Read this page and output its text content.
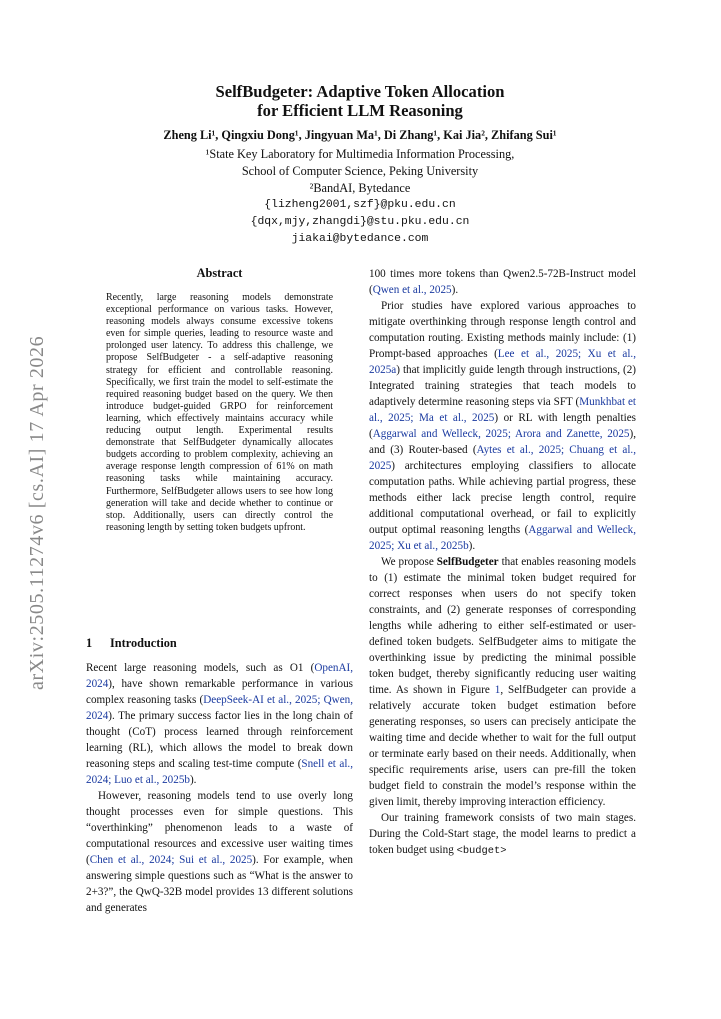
arXiv:2505.11274v6 [cs.AI] 17 Apr 2026
SelfBudgeter: Adaptive Token Allocation
for Efficient LLM Reasoning
Zheng Li¹, Qingxiu Dong¹, Jingyuan Ma¹, Di Zhang¹, Kai Jia², Zhifang Sui¹
¹State Key Laboratory for Multimedia Information Processing,
School of Computer Science, Peking University
²BandAI, Bytedance
{lizheng2001,szf}@pku.edu.cn
{dqx,mjy,zhangdi}@stu.pku.edu.cn
jiakai@bytedance.com
Abstract
Recently, large reasoning models demonstrate exceptional performance on various tasks. However, reasoning models always consume excessive tokens even for simple queries, leading to resource waste and prolonged user latency. To address this challenge, we propose SelfBudgeter - a self-adaptive reasoning strategy for efficient and controllable reasoning. Specifically, we first train the model to self-estimate the required reasoning budget based on the query. We then introduce budget-guided GRPO for reinforcement learning, which effectively maintains accuracy while reducing output length. Experimental results demonstrate that SelfBudgeter dynamically allocates budgets according to problem complexity, achieving an average response length compression of 61% on math reasoning tasks while maintaining accuracy. Furthermore, SelfBudgeter allows users to see how long generation will take and decide whether to continue or stop. Additionally, users can directly control the reasoning length by setting token budgets upfront.
1 Introduction

Recent large reasoning models, such as O1 (OpenAI, 2024), have shown remarkable performance in various complex reasoning tasks (DeepSeek-AI et al., 2025; Qwen, 2024). The primary success factor lies in the long chain of thought (CoT) process learned through reinforcement learning (RL), which allows the model to break down reasoning steps and scaling test-time compute (Snell et al., 2024; Luo et al., 2025b).

However, reasoning models tend to use overly long thought processes even for simple questions. This “overthinking” phenomenon leads to a waste of computational resources and excessive user waiting times (Chen et al., 2024; Sui et al., 2025). For example, when answering simple questions such as “What is the answer to 2+3?”, the QwQ-32B model provides 13 different solutions and generates

100 times more tokens than Qwen2.5-72B-Instruct model (Qwen et al., 2025).

Prior studies have explored various approaches to mitigate overthinking through response length control and computation routing. Existing methods mainly include: (1) Prompt-based approaches (Lee et al., 2025; Xu et al., 2025a) that implicitly guide length through instructions, (2) Integrated training strategies that teach models to adaptively determine reasoning steps via SFT (Munkhbat et al., 2025; Ma et al., 2025) or RL with length penalties (Aggarwal and Welleck, 2025; Arora and Zanette, 2025), and (3) Router-based (Aytes et al., 2025; Chuang et al., 2025) architectures employing classifiers to allocate computation paths. While achieving partial progress, these methods either lack precise length control, require additional computational overhead, or fail to explicitly output optimal reasoning lengths (Aggarwal and Welleck, 2025; Xu et al., 2025b).

We propose SelfBudgeter that enables reasoning models to (1) estimate the minimal token budget required for correct responses when users do not specify token constraints, and (2) generate responses of corresponding lengths while adhering to either self-estimated or user-defined token budgets. SelfBudgeter aims to mitigate the overthinking issue by predicting the minimal possible token budget, thereby significantly reducing user waiting time. As shown in Figure 1, SelfBudgeter can provide a relatively accurate token budget estimation before generating responses, so users can precisely anticipate the waiting time and decide whether to wait for the full output or terminate early based on their needs. Additionally, when specific requirements arise, users can pre-fill the token budget field to constrain the model’s response within the given limit, thereby improving interaction efficiency.

Our training framework consists of two main stages. During the Cold-Start stage, the model learns to predict a token budget using <budget>
